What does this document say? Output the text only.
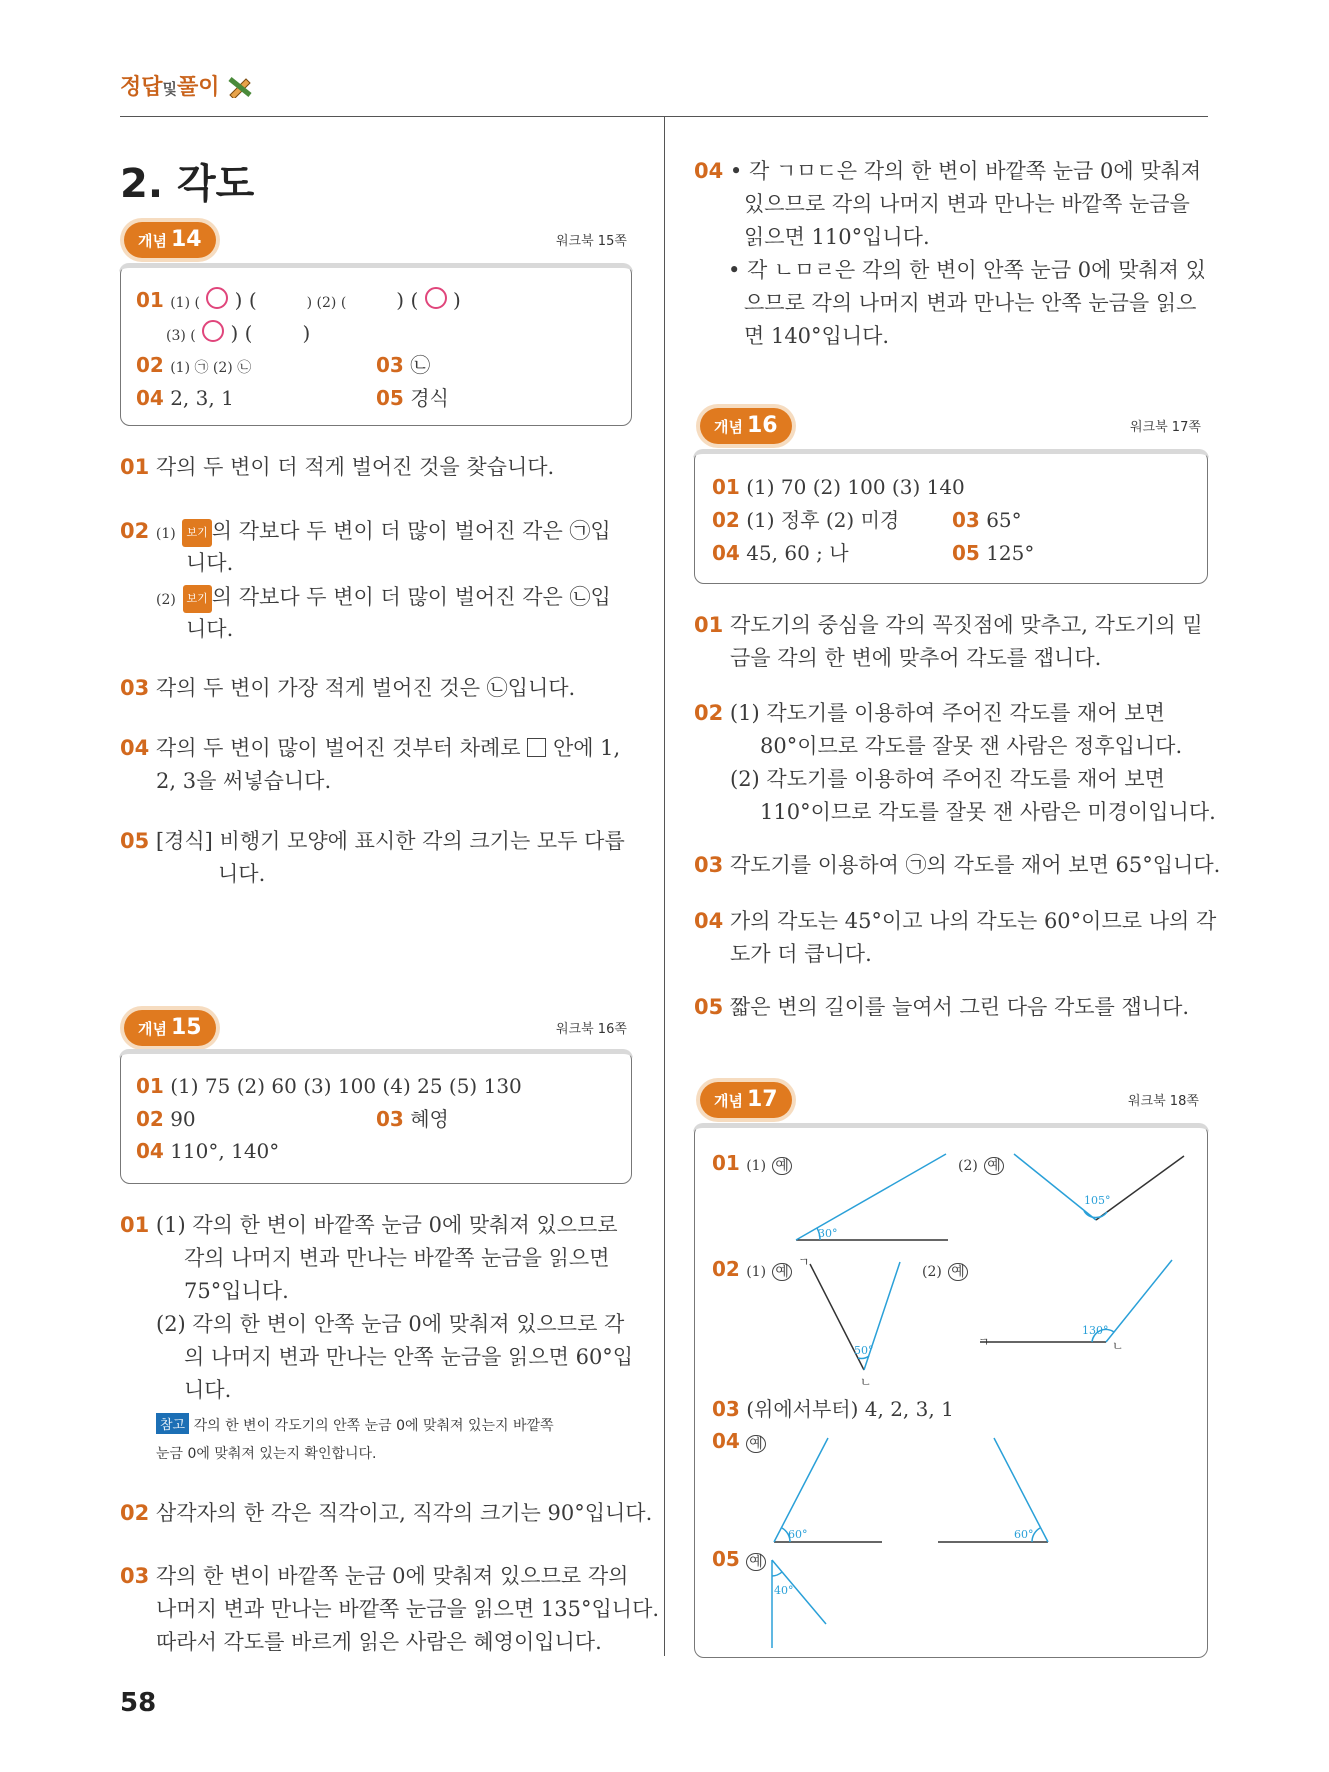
정답및풀이
2. 각도
개념 14	워크북 15쪽
01 (1) ( ○ ) (	) (2) (	) ( ○ )
(3) ( ○ ) (	)
02 (1) ㉠ (2) ㉡	03 ㉡
04 2, 3, 1	05 경식
01 각의 두 변이 더 적게 벌어진 것을 찾습니다.
02 (1) 보기 의 각보다 두 변이 더 많이 벌어진 각은 ㉠입
니다.
(2) 보기 의 각보다 두 변이 더 많이 벌어진 각은 ㉡입
니다.
03 각의 두 변이 가장 적게 벌어진 것은 ㉡입니다.
04 각의 두 변이 많이 벌어진 것부터 차례로 안에 1,
2, 3을 써넣습니다.
05 [경식] 비행기 모양에 표시한 각의 크기는 모두 다릅
니다.
개념 15	워크북 16쪽
01 (1) 75 (2) 60 (3) 100 (4) 25 (5) 130
02 90	03 혜영
04 110°, 140°
01 (1) 각의 한 변이 바깥쪽 눈금 0에 맞춰져 있으므로
각의 나머지 변과 만나는 바깥쪽 눈금을 읽으면
75°입니다.
(2) 각의 한 변이 안쪽 눈금 0에 맞춰져 있으므로 각
의 나머지 변과 만나는 안쪽 눈금을 읽으면 60°입
니다.
참고 각의 한 변이 각도기의 안쪽 눈금 0에 맞춰져 있는지 바깥쪽
눈금 0에 맞춰져 있는지 확인합니다.
02 삼각자의 한 각은 직각이고, 직각의 크기는 90°입니다.
03 각의 한 변이 바깥쪽 눈금 0에 맞춰져 있으므로 각의
나머지 변과 만나는 바깥쪽 눈금을 읽으면 135°입니다.
따라서 각도를 바르게 읽은 사람은 혜영이입니다.
58
04 • 각 ㄱㅁㄷ은 각의 한 변이 바깥쪽 눈금 0에 맞춰져
있으므로 각의 나머지 변과 만나는 바깥쪽 눈금을
읽으면 110°입니다.
• 각 ㄴㅁㄹ은 각의 한 변이 안쪽 눈금 0에 맞춰져 있
으므로 각의 나머지 변과 만나는 안쪽 눈금을 읽으
면 140°입니다.
개념 16	워크북 17쪽
01 (1) 70 (2) 100 (3) 140
02 (1) 정후 (2) 미경	03 65°
04 45, 60 ; 나	05 125°
01 각도기의 중심을 각의 꼭짓점에 맞추고, 각도기의 밑
금을 각의 한 변에 맞추어 각도를 잽니다.
02 (1) 각도기를 이용하여 주어진 각도를 재어 보면
80°이므로 각도를 잘못 잰 사람은 정후입니다.
(2) 각도기를 이용하여 주어진 각도를 재어 보면
110°이므로 각도를 잘못 잰 사람은 미경이입니다.
03 각도기를 이용하여 ㉠의 각도를 재어 보면 65°입니다.
04 가의 각도는 45°이고 나의 각도는 60°이므로 나의 각
도가 더 큽니다.
05 짧은 변의 길이를 늘여서 그린 다음 각도를 잽니다.
개념 17	워크북 18쪽
01 (1) 예	(2) 예
02 (1) 예	(2) 예
03 (위에서부터) 4, 2, 3, 1
04 예
05 예
30°
105°
50°
130°
60°	60°
40°
ㄱ
ㄴ
ㄱ	ㄴ
